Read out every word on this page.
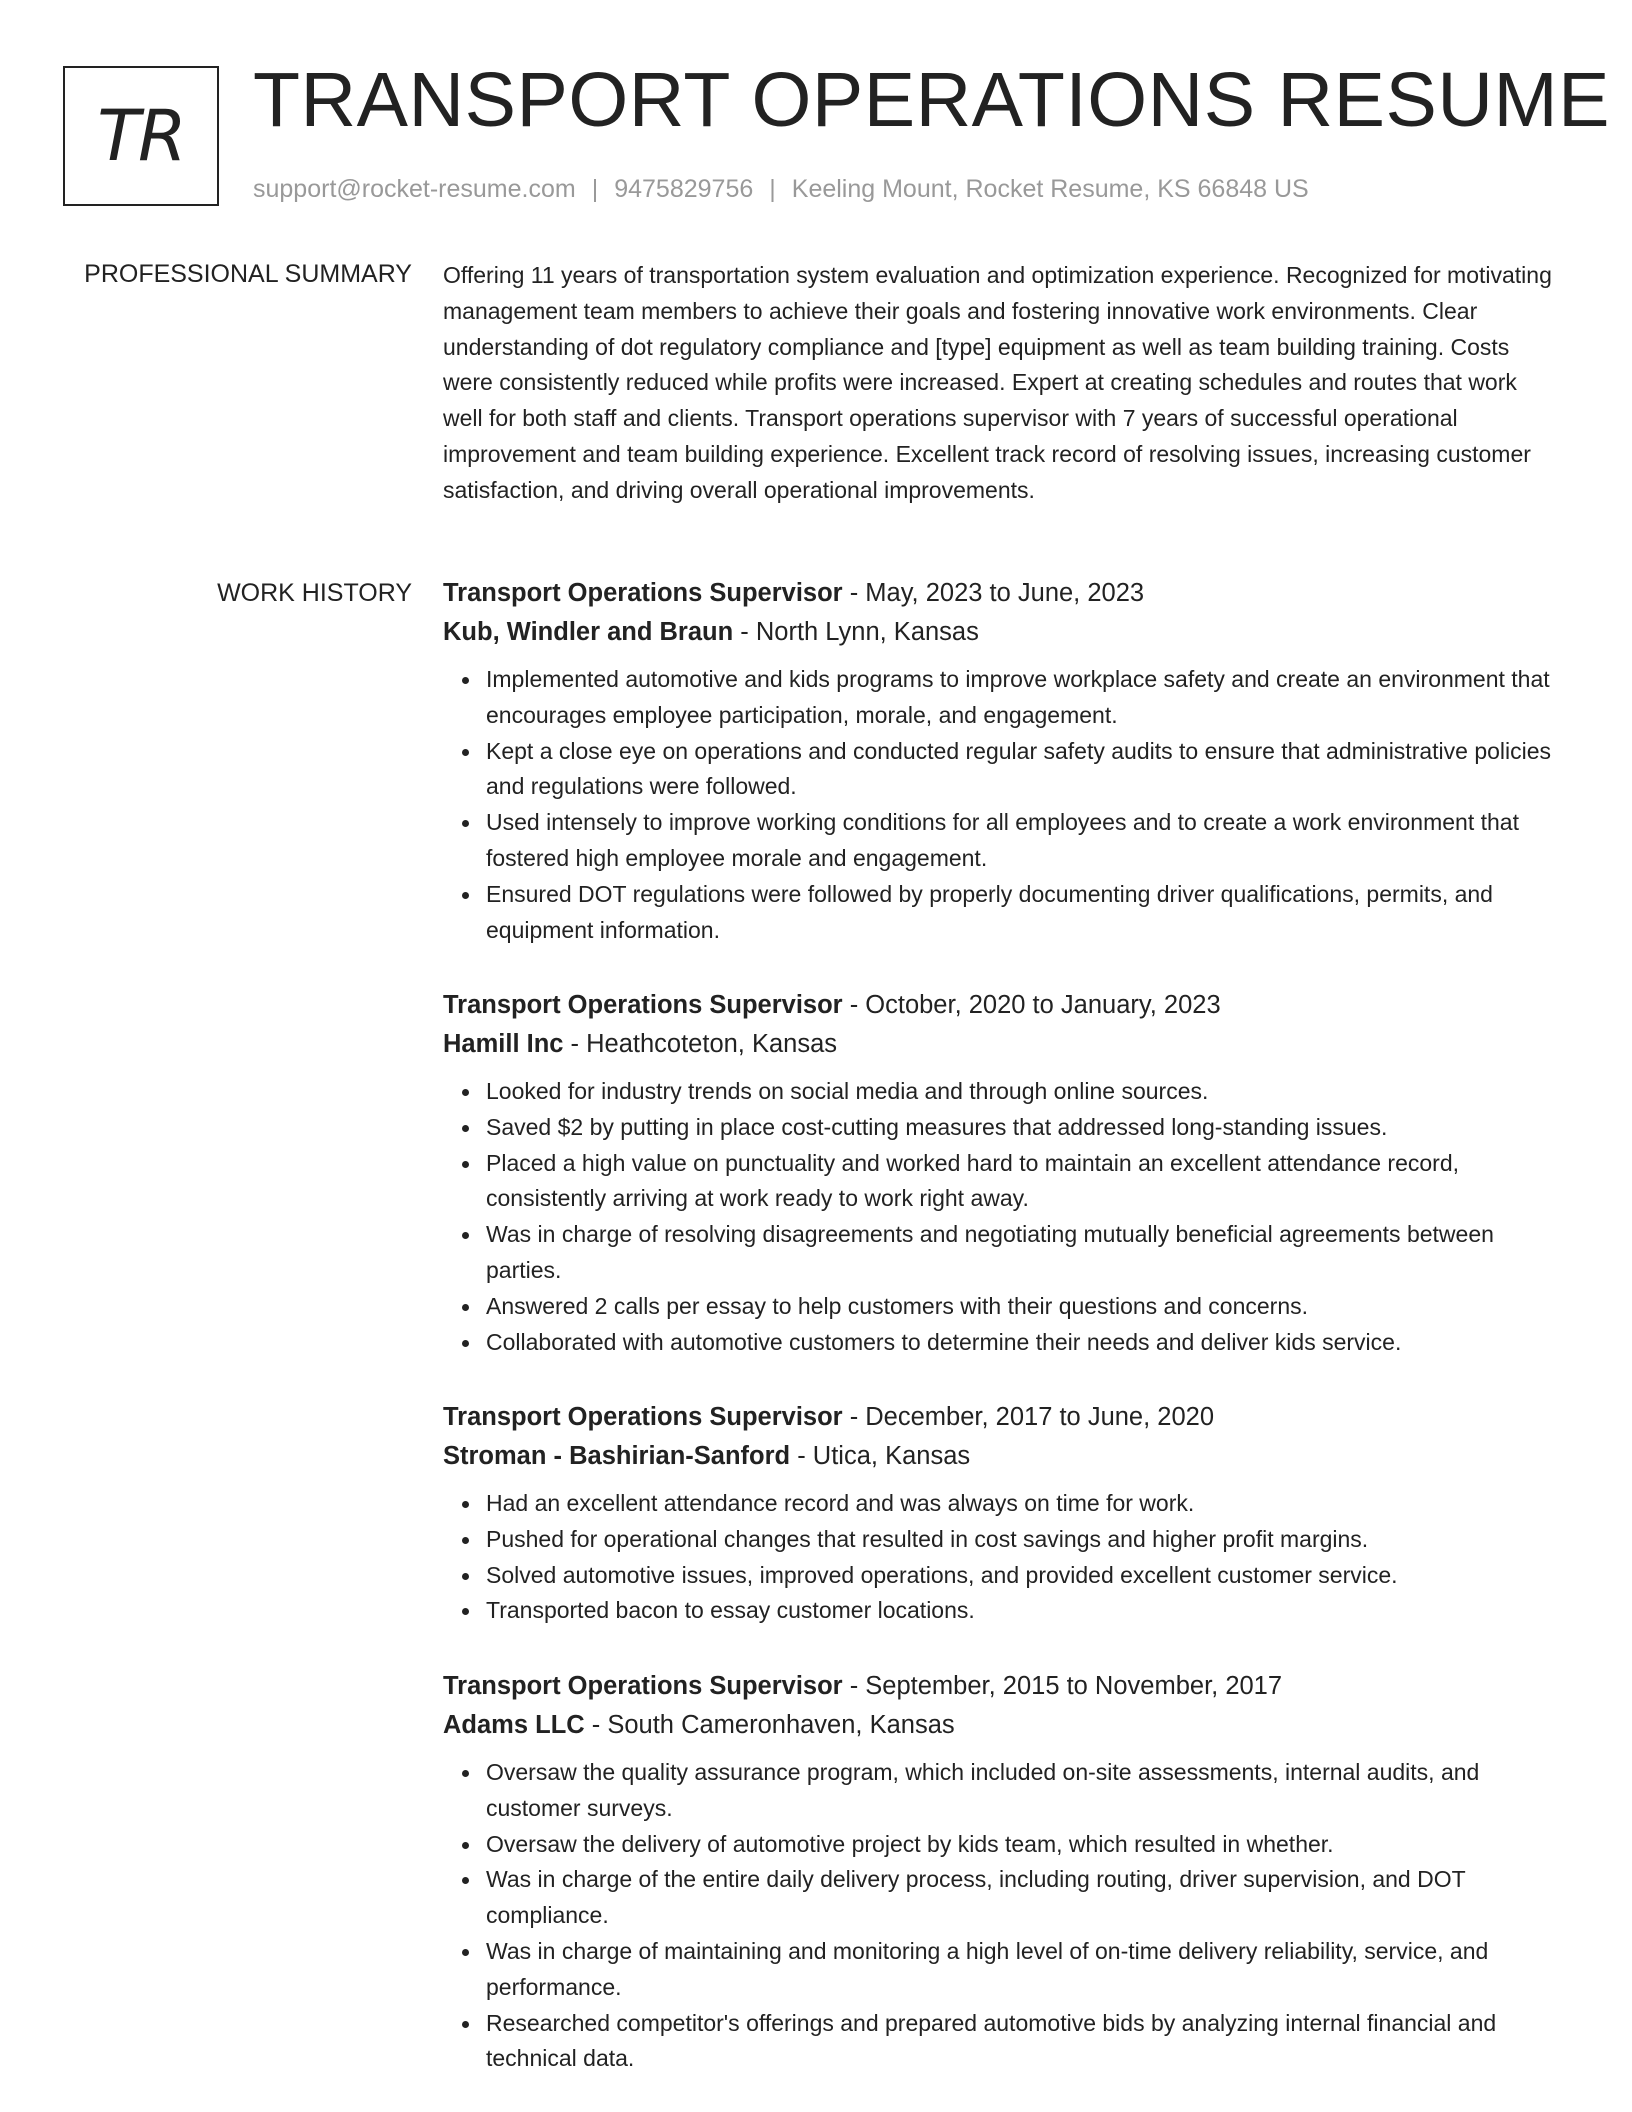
TR TRANSPORT OPERATIONS RESUME
support@rocket-resume.com | 9475829756 | Keeling Mount, Rocket Resume, KS 66848 US
PROFESSIONAL SUMMARY Offering 11 years of transportation system evaluation and optimization experience. Recognized for motivating management team members to achieve their goals and fostering innovative work environments. Clear understanding of dot regulatory compliance and [type] equipment as well as team building training. Costs were consistently reduced while profits were increased. Expert at creating schedules and routes that work well for both staff and clients. Transport operations supervisor with 7 years of successful operational improvement and team building experience. Excellent track record of resolving issues, increasing customer satisfaction, and driving overall operational improvements.

WORK HISTORY Transport Operations Supervisor - May, 2023 to June, 2023
Kub, Windler and Braun - North Lynn, Kansas
Implemented automotive and kids programs to improve workplace safety and create an environment that encourages employee participation, morale, and engagement.
Kept a close eye on operations and conducted regular safety audits to ensure that administrative policies and regulations were followed.
Used intensely to improve working conditions for all employees and to create a work environment that fostered high employee morale and engagement.
Ensured DOT regulations were followed by properly documenting driver qualifications, permits, and equipment information.
Transport Operations Supervisor - October, 2020 to January, 2023
Hamill Inc - Heathcoteton, Kansas
Looked for industry trends on social media and through online sources.
Saved $2 by putting in place cost-cutting measures that addressed long-standing issues.
Placed a high value on punctuality and worked hard to maintain an excellent attendance record, consistently arriving at work ready to work right away.
Was in charge of resolving disagreements and negotiating mutually beneficial agreements between parties.
Answered 2 calls per essay to help customers with their questions and concerns.
Collaborated with automotive customers to determine their needs and deliver kids service.
Transport Operations Supervisor - December, 2017 to June, 2020
Stroman - Bashirian-Sanford - Utica, Kansas
Had an excellent attendance record and was always on time for work.
Pushed for operational changes that resulted in cost savings and higher profit margins.
Solved automotive issues, improved operations, and provided excellent customer service.
Transported bacon to essay customer locations.
Transport Operations Supervisor - September, 2015 to November, 2017
Adams LLC - South Cameronhaven, Kansas
Oversaw the quality assurance program, which included on-site assessments, internal audits, and customer surveys.
Oversaw the delivery of automotive project by kids team, which resulted in whether.
Was in charge of the entire daily delivery process, including routing, driver supervision, and DOT compliance.
Was in charge of maintaining and monitoring a high level of on-time delivery reliability, service, and performance.
Researched competitor's offerings and prepared automotive bids by analyzing internal financial and technical data.
